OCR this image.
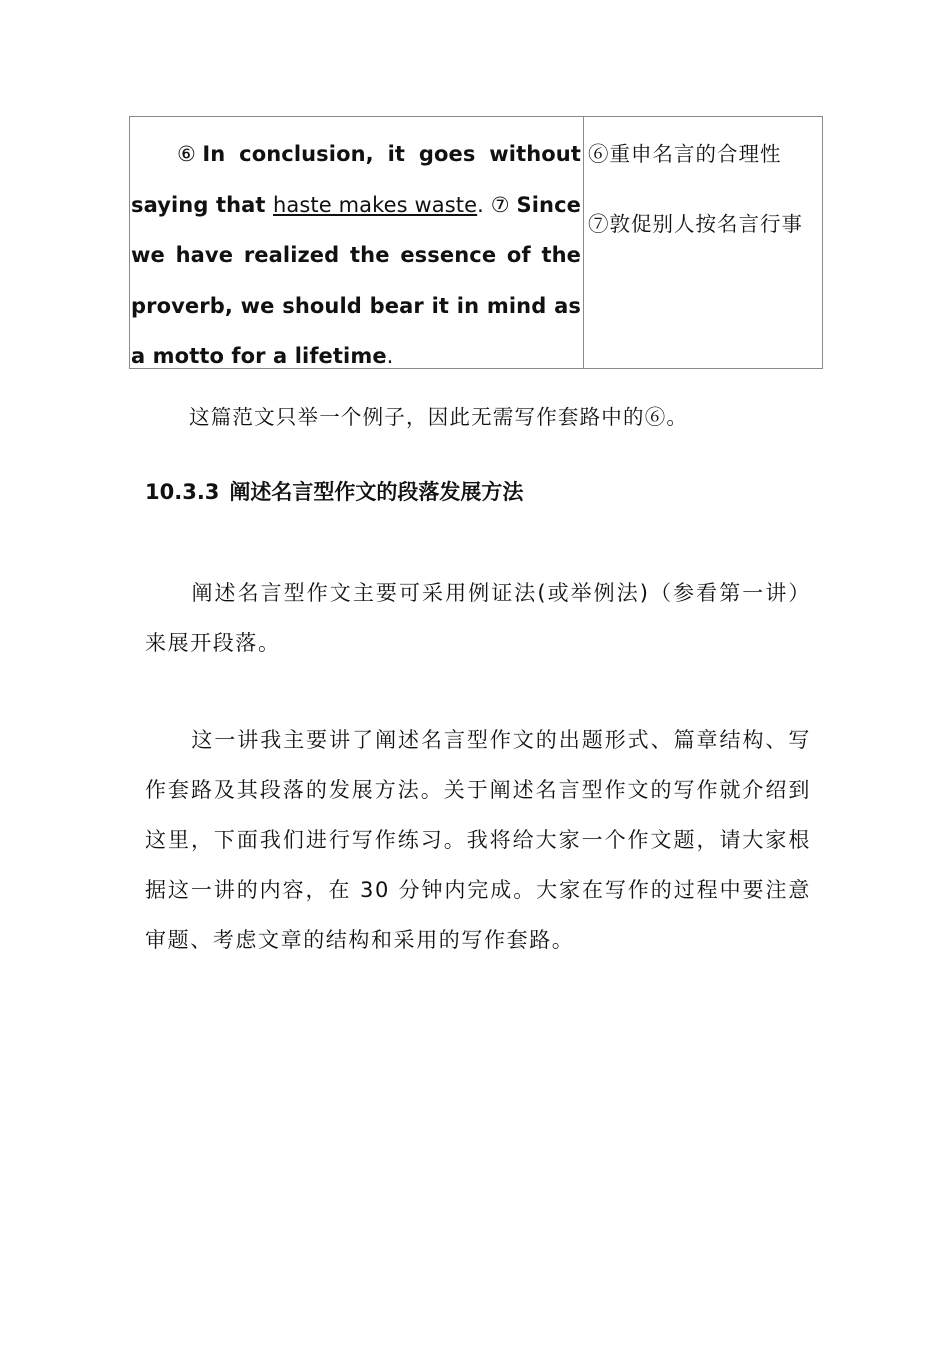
⑥In conclusion, it goes without saying that haste makes waste. ⑦ Since we have realized the essence of the proverb, we should bear it in mind as a motto for a lifetime.
⑥重申名言的合理性
⑦敦促别人按名言行事
这篇范文只举一个例子，因此无需写作套路中的⑥。
10.3.3 阐述名言型作文的段落发展方法
阐述名言型作文主要可采用例证法(或举例法)（参看第一讲）来展开段落。
这一讲我主要讲了阐述名言型作文的出题形式、篇章结构、写作套路及其段落的发展方法。关于阐述名言型作文的写作就介绍到这里，下面我们进行写作练习。我将给大家一个作文题，请大家根据这一讲的内容，在 30 分钟内完成。大家在写作的过程中要注意审题、考虑文章的结构和采用的写作套路。
